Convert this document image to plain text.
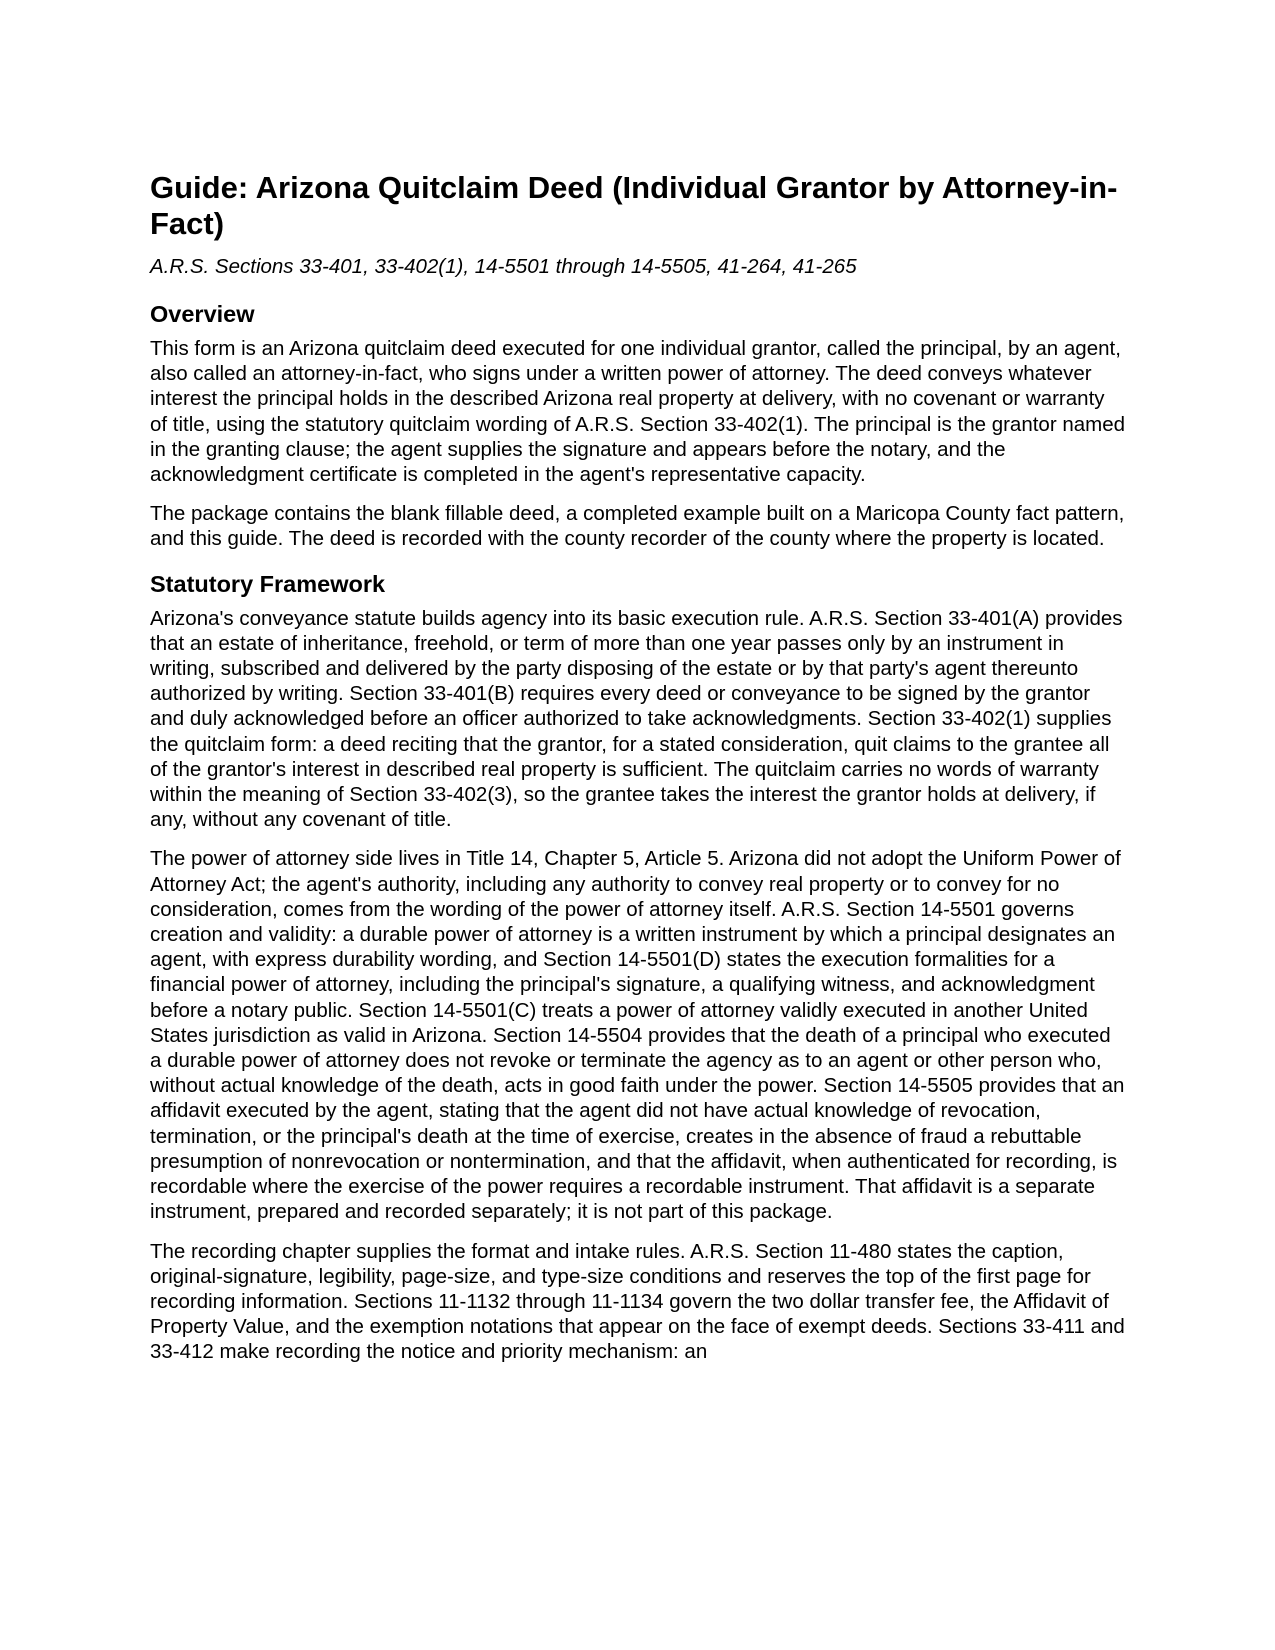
Guide: Arizona Quitclaim Deed (Individual Grantor by Attorney-in-Fact)
A.R.S. Sections 33-401, 33-402(1), 14-5501 through 14-5505, 41-264, 41-265
Overview

This form is an Arizona quitclaim deed executed for one individual grantor, called the principal, by an agent, also called an attorney-in-fact, who signs under a written power of attorney. The deed conveys whatever interest the principal holds in the described Arizona real property at delivery, with no covenant or warranty of title, using the statutory quitclaim wording of A.R.S. Section 33-402(1). The principal is the grantor named in the granting clause; the agent supplies the signature and appears before the notary, and the acknowledgment certificate is completed in the agent's representative capacity.

The package contains the blank fillable deed, a completed example built on a Maricopa County fact pattern, and this guide. The deed is recorded with the county recorder of the county where the property is located.

Statutory Framework

Arizona's conveyance statute builds agency into its basic execution rule. A.R.S. Section 33-401(A) provides that an estate of inheritance, freehold, or term of more than one year passes only by an instrument in writing, subscribed and delivered by the party disposing of the estate or by that party's agent thereunto authorized by writing. Section 33-401(B) requires every deed or conveyance to be signed by the grantor and duly acknowledged before an officer authorized to take acknowledgments. Section 33-402(1) supplies the quitclaim form: a deed reciting that the grantor, for a stated consideration, quit claims to the grantee all of the grantor's interest in described real property is sufficient. The quitclaim carries no words of warranty within the meaning of Section 33-402(3), so the grantee takes the interest the grantor holds at delivery, if any, without any covenant of title.

The power of attorney side lives in Title 14, Chapter 5, Article 5. Arizona did not adopt the Uniform Power of Attorney Act; the agent's authority, including any authority to convey real property or to convey for no consideration, comes from the wording of the power of attorney itself. A.R.S. Section 14-5501 governs creation and validity: a durable power of attorney is a written instrument by which a principal designates an agent, with express durability wording, and Section 14-5501(D) states the execution formalities for a financial power of attorney, including the principal's signature, a qualifying witness, and acknowledgment before a notary public. Section 14-5501(C) treats a power of attorney validly executed in another United States jurisdiction as valid in Arizona. Section 14-5504 provides that the death of a principal who executed a durable power of attorney does not revoke or terminate the agency as to an agent or other person who, without actual knowledge of the death, acts in good faith under the power. Section 14-5505 provides that an affidavit executed by the agent, stating that the agent did not have actual knowledge of revocation, termination, or the principal's death at the time of exercise, creates in the absence of fraud a rebuttable presumption of nonrevocation or nontermination, and that the affidavit, when authenticated for recording, is recordable where the exercise of the power requires a recordable instrument. That affidavit is a separate instrument, prepared and recorded separately; it is not part of this package.

The recording chapter supplies the format and intake rules. A.R.S. Section 11-480 states the caption, original-signature, legibility, page-size, and type-size conditions and reserves the top of the first page for recording information. Sections 11-1132 through 11-1134 govern the two dollar transfer fee, the Affidavit of Property Value, and the exemption notations that appear on the face of exempt deeds. Sections 33-411 and 33-412 make recording the notice and priority mechanism: an
